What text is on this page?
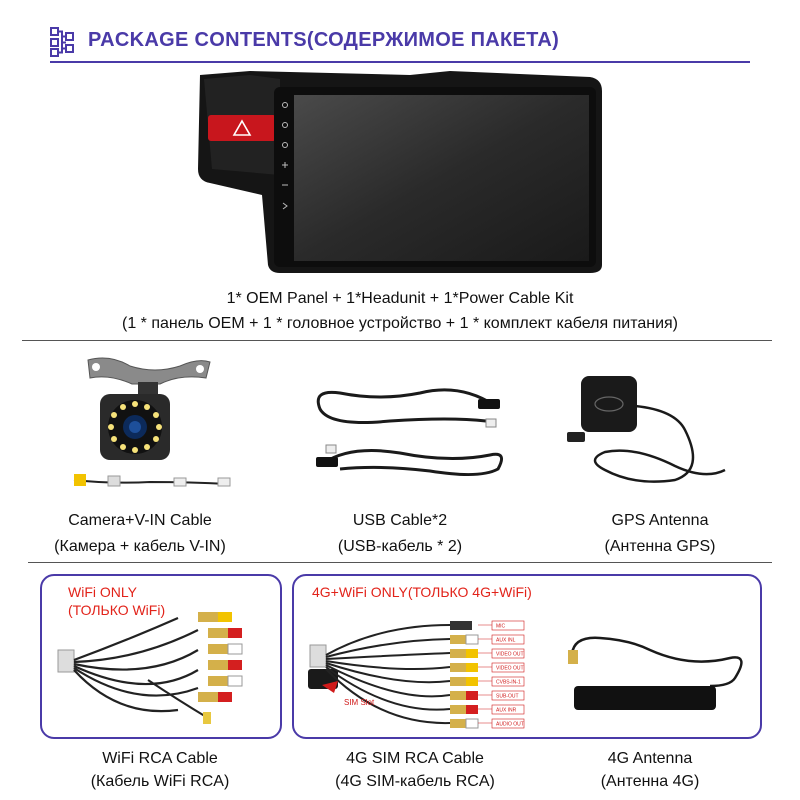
PACKAGE CONTENTS(СОДЕРЖИМОЕ ПАКЕТА)
1* OEM Panel + 1*Headunit + 1*Power Cable Kit
(1 * панель OEM + 1 * головное устройство + 1 * комплект кабеля питания)
Camera+V-IN Cable
(Камера + кабель V-IN)
USB Cable*2
(USB-кабель * 2)
GPS Antenna
(Антенна GPS)
WiFi ONLY
(ТОЛЬКО WiFi)
4G+WiFi ONLY(ТОЛЬКО 4G+WiFi)
SIM Slot
MIC
AUX INL
VIDEO OUT
VIDEO OUT
CVBS-IN-1
SUB-OUT
AUX INR
AUDIO OUT
WiFi RCA Cable
(Кабель WiFi RCA)
4G SIM RCA Cable
(4G SIM-кабель RCA)
4G Antenna
(Антенна 4G)
